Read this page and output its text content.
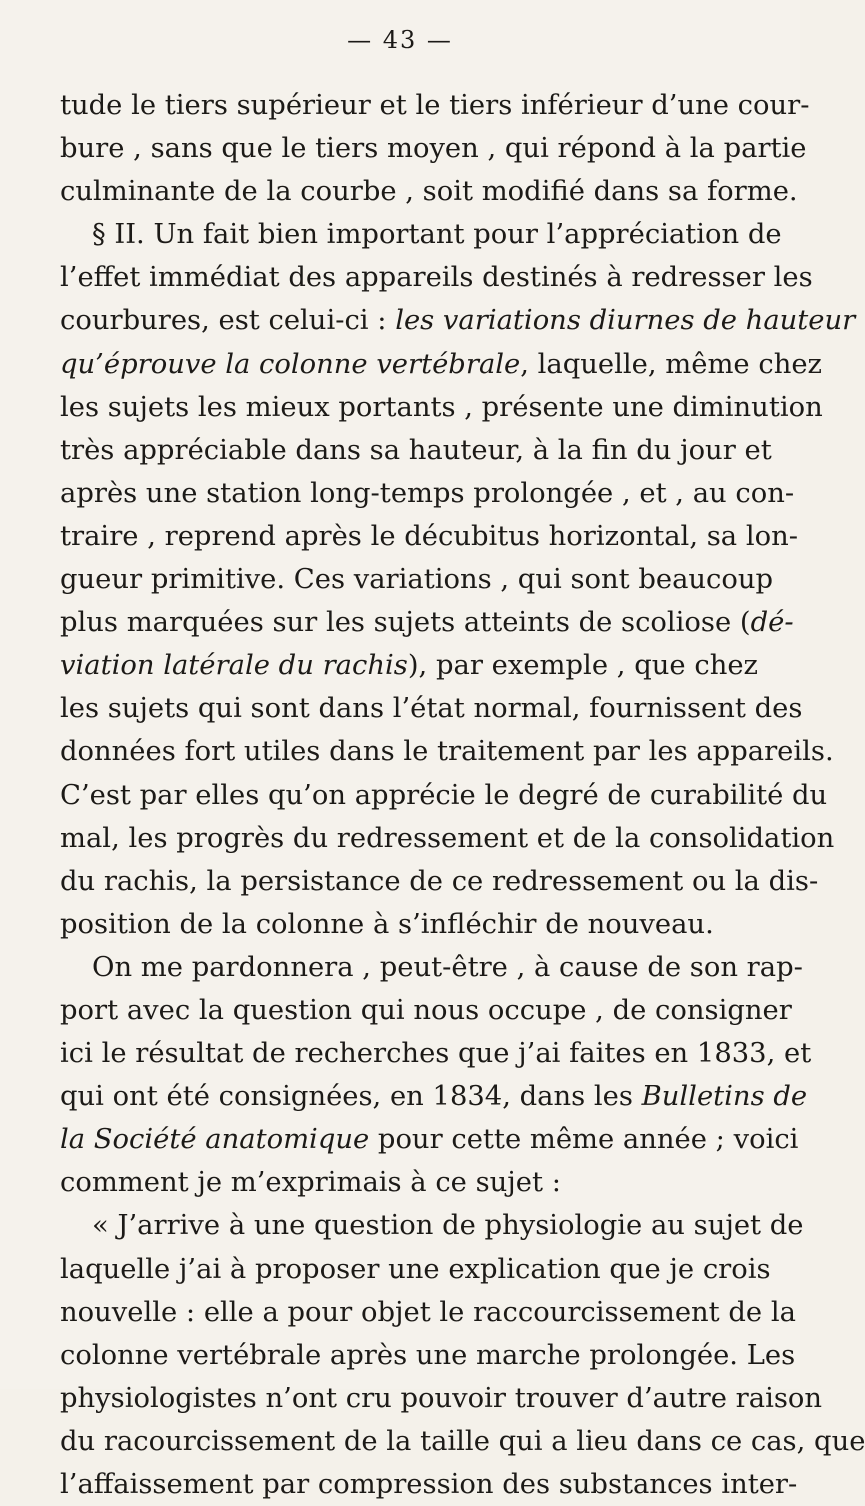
— 43 —
tude le tiers supérieur et le tiers inférieur d’une cour-
bure , sans que le tiers moyen , qui répond à la partie
culminante de la courbe , soit modifié dans sa forme.
§ II. Un fait bien important pour l’appréciation de
l’effet immédiat des appareils destinés à redresser les
courbures, est celui-ci : les variations diurnes de hauteur
qu’éprouve la colonne vertébrale, laquelle, même chez
les sujets les mieux portants , présente une diminution
très appréciable dans sa hauteur, à la fin du jour et
après une station long-temps prolongée , et , au con-
traire , reprend après le décubitus horizontal, sa lon-
gueur primitive. Ces variations , qui sont beaucoup
plus marquées sur les sujets atteints de scoliose (dé-
viation latérale du rachis), par exemple , que chez
les sujets qui sont dans l’état normal, fournissent des
données fort utiles dans le traitement par les appareils.
C’est par elles qu’on apprécie le degré de curabilité du
mal, les progrès du redressement et de la consolidation
du rachis, la persistance de ce redressement ou la dis-
position de la colonne à s’infléchir de nouveau.
On me pardonnera , peut-être , à cause de son rap-
port avec la question qui nous occupe , de consigner
ici le résultat de recherches que j’ai faites en 1833, et
qui ont été consignées, en 1834, dans les Bulletins de
la Société anatomique pour cette même année ; voici
comment je m’exprimais à ce sujet :
« J’arrive à une question de physiologie au sujet de
laquelle j’ai à proposer une explication que je crois
nouvelle : elle a pour objet le raccourcissement de la
colonne vertébrale après une marche prolongée. Les
physiologistes n’ont cru pouvoir trouver d’autre raison
du racourcissement de la taille qui a lieu dans ce cas, que
l’affaissement par compression des substances inter-
